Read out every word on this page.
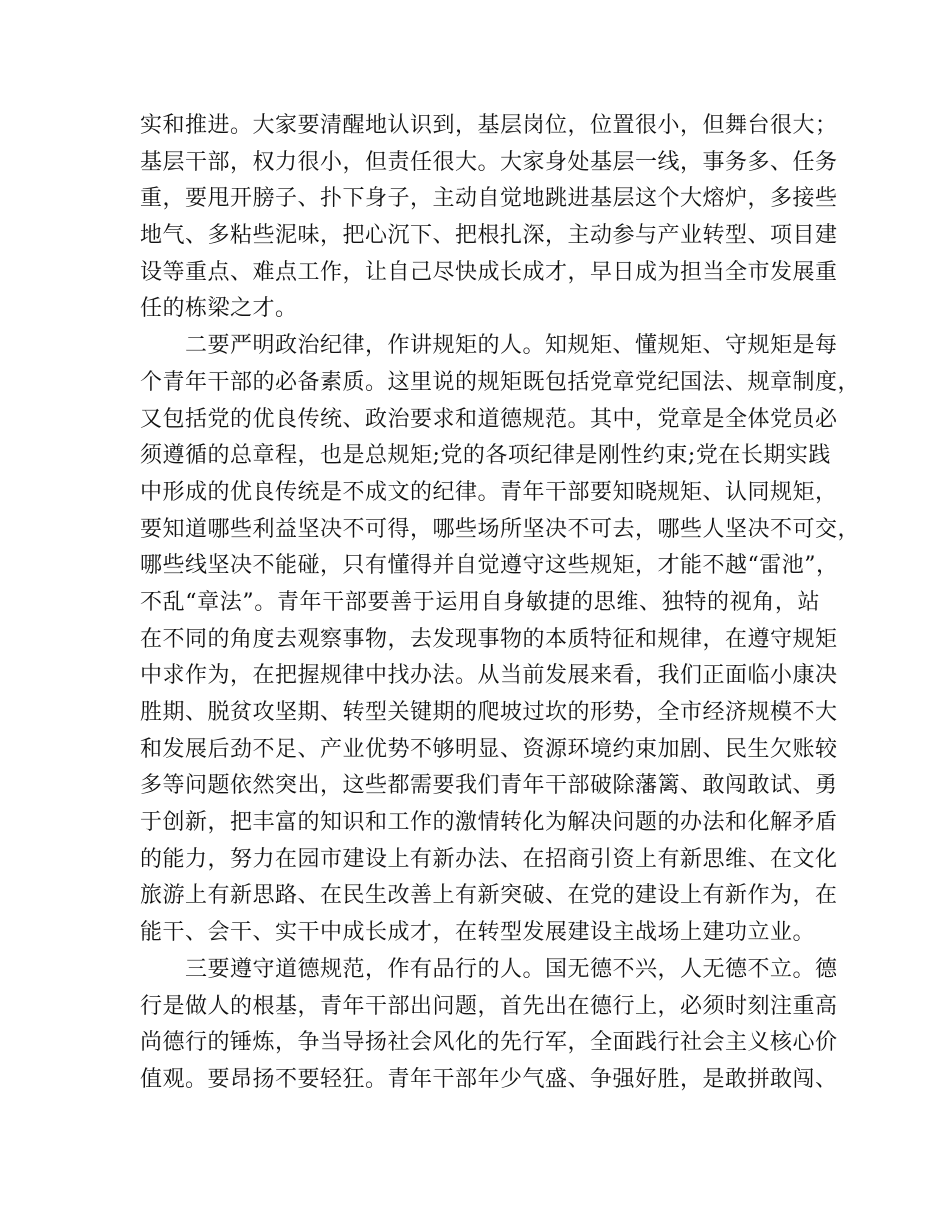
实和推进。大家要清醒地认识到，基层岗位，位置很小，但舞台很大；
基层干部，权力很小，但责任很大。大家身处基层一线，事务多、任务
重，要甩开膀子、扑下身子，主动自觉地跳进基层这个大熔炉，多接些
地气、多粘些泥味，把心沉下、把根扎深，主动参与产业转型、项目建
设等重点、难点工作，让自己尽快成长成才，早日成为担当全市发展重
任的栋梁之才。
　　二要严明政治纪律，作讲规矩的人。知规矩、懂规矩、守规矩是每
个青年干部的必备素质。这里说的规矩既包括党章党纪国法、规章制度，
又包括党的优良传统、政治要求和道德规范。其中，党章是全体党员必
须遵循的总章程，也是总规矩;党的各项纪律是刚性约束;党在长期实践
中形成的优良传统是不成文的纪律。青年干部要知晓规矩、认同规矩，
要知道哪些利益坚决不可得，哪些场所坚决不可去，哪些人坚决不可交，
哪些线坚决不能碰，只有懂得并自觉遵守这些规矩，才能不越“雷池”，
不乱“章法”。青年干部要善于运用自身敏捷的思维、独特的视角，站
在不同的角度去观察事物，去发现事物的本质特征和规律，在遵守规矩
中求作为，在把握规律中找办法。从当前发展来看，我们正面临小康决
胜期、脱贫攻坚期、转型关键期的爬坡过坎的形势，全市经济规模不大
和发展后劲不足、产业优势不够明显、资源环境约束加剧、民生欠账较
多等问题依然突出，这些都需要我们青年干部破除藩篱、敢闯敢试、勇
于创新，把丰富的知识和工作的激情转化为解决问题的办法和化解矛盾
的能力，努力在园市建设上有新办法、在招商引资上有新思维、在文化
旅游上有新思路、在民生改善上有新突破、在党的建设上有新作为，在
能干、会干、实干中成长成才，在转型发展建设主战场上建功立业。
　　三要遵守道德规范，作有品行的人。国无德不兴，人无德不立。德
行是做人的根基，青年干部出问题，首先出在德行上，必须时刻注重高
尚德行的锤炼，争当导扬社会风化的先行军，全面践行社会主义核心价
值观。要昂扬不要轻狂。青年干部年少气盛、争强好胜，是敢拼敢闯、
